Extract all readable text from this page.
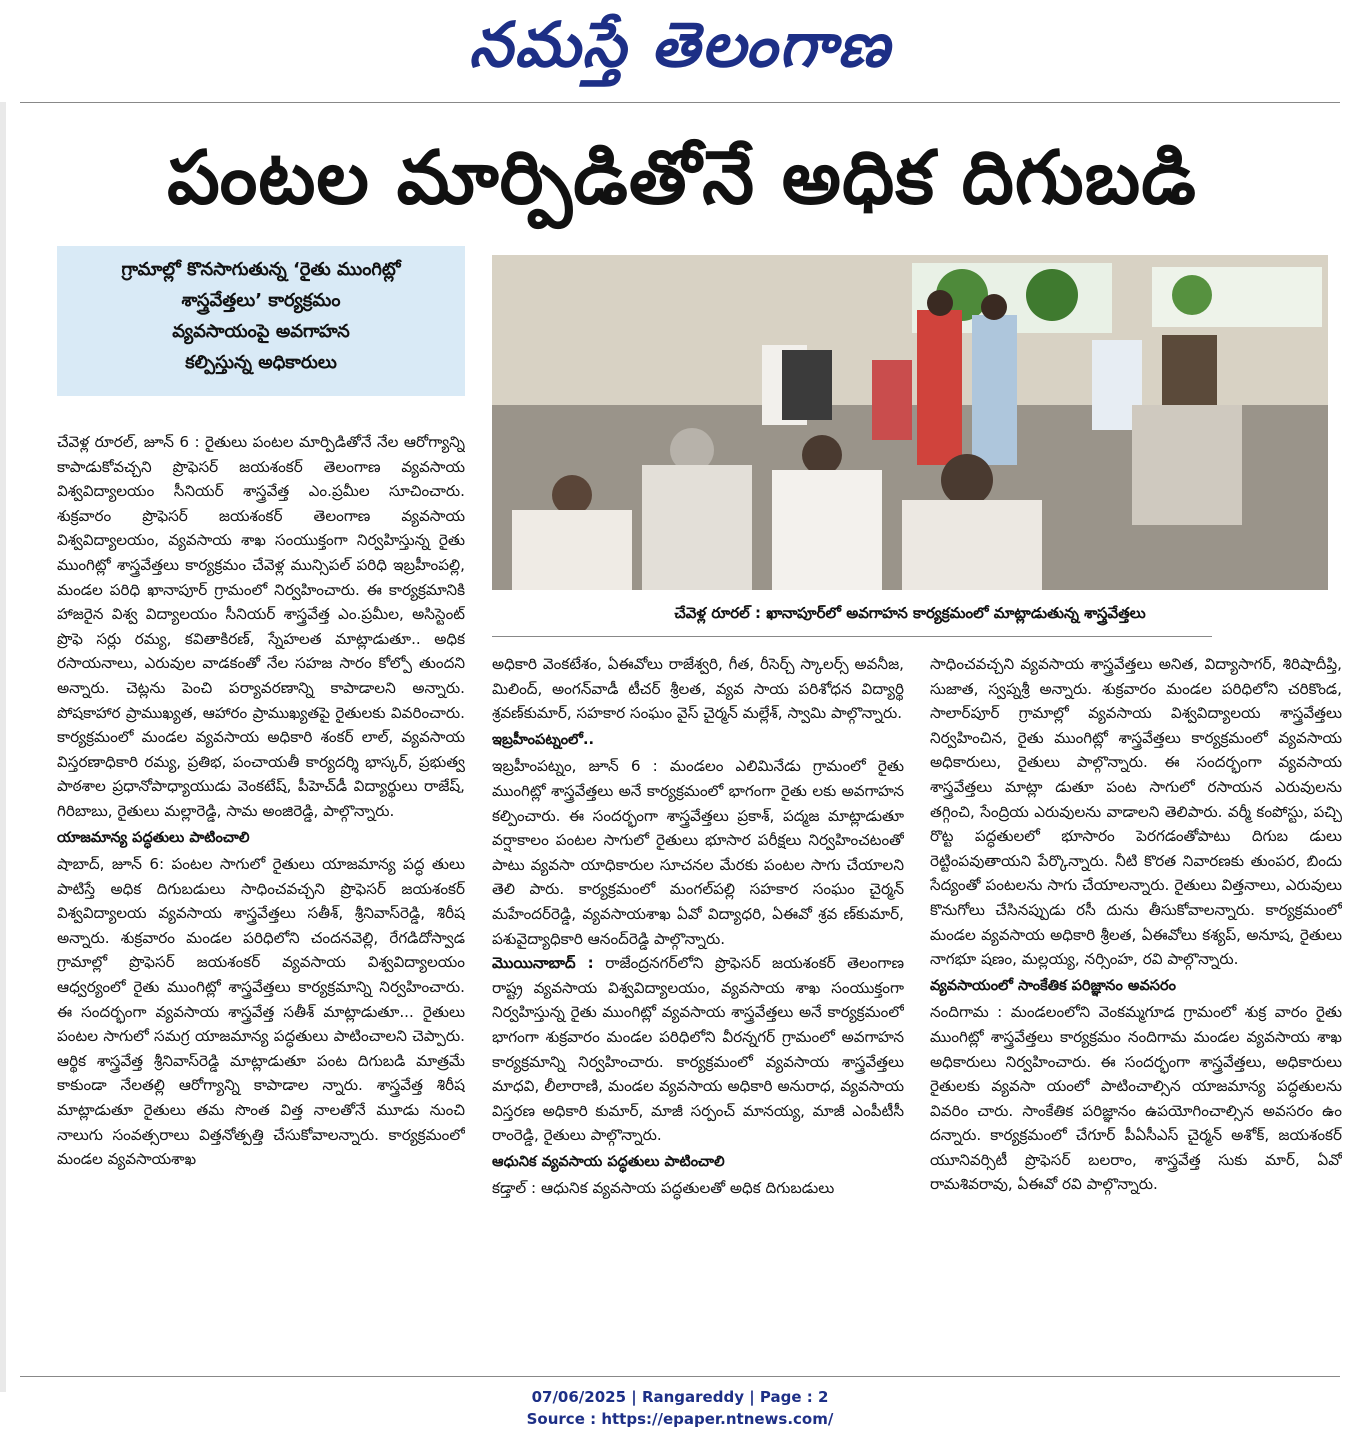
నమస్తే తెలంగాణ
పంటల మార్పిడితోనే అధిక దిగుబడి
గ్రామాల్లో కొనసాగుతున్న ‘రైతు ముంగిట్లో
శాస్త్రవేత్తలు’ కార్యక్రమం
వ్యవసాయంపై అవగాహన
కల్పిస్తున్న అధికారులు
చేవెళ్ల రూరల్ : ఖానాపూర్‌లో అవగాహన కార్యక్రమంలో మాట్లాడుతున్న శాస్త్రవేత్తలు

చేవెళ్ల రూరల్, జూన్ 6 : రైతులు పంటల మార్పిడితోనే నేల ఆరోగ్యాన్ని కాపాడుకోవచ్చని ప్రొఫెసర్ జయశంకర్ తెలంగాణ వ్యవసాయ విశ్వవిద్యాలయం సీనియర్ శాస్త్రవేత్త ఎం.ప్రమీల సూచించారు. శుక్రవారం ప్రొఫెసర్ జయశంకర్ తెలంగాణ వ్యవసాయ విశ్వవిద్యాలయం, వ్యవసాయ శాఖ సంయుక్తంగా నిర్వహిస్తున్న రైతు ముంగిట్లో శాస్త్రవేత్తలు కార్యక్రమం చేవెళ్ల మున్సిపల్ పరిధి ఇబ్రహీంపల్లి, మండల పరిధి ఖానాపూర్ గ్రామంలో నిర్వహించారు. ఈ కార్యక్రమానికి హాజరైన విశ్వ విద్యాలయం సీనియర్ శాస్త్రవేత్త ఎం.ప్రమీల, అసిస్టెంట్ ప్రొఫె సర్లు రమ్య, కవితాకిరణ్, స్నేహలత మాట్లాడుతూ.. అధిక రసాయనాలు, ఎరువుల వాడకంతో నేల సహజ సారం కోల్పో తుందని అన్నారు. చెట్లను పెంచి పర్యావరణాన్ని కాపాడాలని అన్నారు. పోషకాహార ప్రాముఖ్యత, ఆహారం ప్రాముఖ్యతపై రైతులకు వివరించారు. కార్యక్రమంలో మండల వ్యవసాయ అధికారి శంకర్ లాల్, వ్యవసాయ విస్తరణాధికారి రమ్య, ప్రతిభ, పంచాయతీ కార్యదర్శి భాస్కర్, ప్రభుత్వ పాఠశాల ప్రధానోపాధ్యాయుడు వెంకటేష్, పీహెచ్‌డీ విద్యార్థులు రాజేష్, గిరిబాబు, రైతులు మల్లారెడ్డి, సామ అంజిరెడ్డి, పాల్గొన్నారు.

యాజమాన్య పద్ధతులు పాటించాలి

షాబాద్, జూన్ 6: పంటల సాగులో రైతులు యాజమాన్య పద్ధ తులు పాటిస్తే అధిక దిగుబడులు సాధించవచ్చని ప్రొఫెసర్ జయశంకర్ విశ్వవిద్యాలయ వ్యవసాయ శాస్త్రవేత్తలు సతీశ్, శ్రీనివాస్‌రెడ్డి, శిరీష అన్నారు. శుక్రవారం మండల పరిధిలోని చందనవెల్లి, రేగడిదోస్వాడ గ్రామాల్లో ప్రొఫెసర్ జయశంకర్ వ్యవసాయ విశ్వవిద్యాలయం ఆధ్వర్యంలో రైతు ముంగిట్లో శాస్త్రవేత్తలు కార్యక్రమాన్ని నిర్వహించారు. ఈ సందర్భంగా వ్యవసాయ శాస్త్రవేత్త సతీశ్ మాట్లాడుతూ... రైతులు పంటల సాగులో సమగ్ర యాజమాన్య పద్ధతులు పాటించాలని చెప్పారు. ఆర్థిక శాస్త్రవేత్త శ్రీనివాస్‌రెడ్డి మాట్లాడుతూ పంట దిగుబడి మాత్రమే కాకుండా నేలతల్లి ఆరోగ్యాన్ని కాపాడాల న్నారు. శాస్త్రవేత్త శిరీష మాట్లాడుతూ రైతులు తమ సొంత విత్త నాలతోనే మూడు నుంచి నాలుగు సంవత్సరాలు విత్తనోత్పత్తి చేసుకోవాలన్నారు. కార్యక్రమంలో మండల వ్యవసాయశాఖ

అధికారి వెంకటేశం, ఏఈవోలు రాజేశ్వరి, గీత, రీసెర్చ్ స్కాలర్స్ అవనీజ, మిలింద్, అంగన్‌వాడీ టీచర్ శ్రీలత, వ్యవ సాయ పరిశోధన విద్యార్థి శ్రవణ్‌కుమార్, సహకార సంఘం వైస్ చైర్మన్ మల్లేశ్, స్వామి పాల్గొన్నారు.

ఇబ్రహీంపట్నంలో..

ఇబ్రహీంపట్నం, జూన్ 6 : మండలం ఎలిమినేడు గ్రామంలో రైతు ముంగిట్లో శాస్త్రవేత్తలు అనే కార్యక్రమంలో భాగంగా రైతు లకు అవగాహన కల్పించారు. ఈ సందర్భంగా శాస్త్రవేత్తలు ప్రకాశ్, పద్మజ మాట్లాడుతూ వర్షాకాలం పంటల సాగులో రైతులు భూసార పరీక్షలు నిర్వహించటంతో పాటు వ్యవసా యాధికారుల సూచనల మేరకు పంటల సాగు చేయాలని తెలి పారు. కార్యక్రమంలో మంగల్‌పల్లి సహకార సంఘం చైర్మన్ మహేందర్‌రెడ్డి, వ్యవసాయశాఖ ఏవో విద్యాధరి, ఏఈవో శ్రవ ణ్‌కుమార్, పశువైద్యాధికారి ఆనంద్‌రెడ్డి పాల్గొన్నారు.

మొయినాబాద్ : రాజేంద్రనగర్‌లోని ప్రొఫెసర్ జయశంకర్ తెలంగాణ రాష్ట్ర వ్యవసాయ విశ్వవిద్యాలయం, వ్యవసాయ శాఖ సంయుక్తంగా నిర్వహిస్తున్న రైతు ముంగిట్లో వ్యవసాయ శాస్త్రవేత్తలు అనే కార్యక్రమంలో భాగంగా శుక్రవారం మండల పరిధిలోని వీరన్నగర్ గ్రామంలో అవగాహన కార్యక్రమాన్ని నిర్వహించారు. కార్యక్రమంలో వ్యవసాయ శాస్త్రవేత్తలు మాధవి, లీలారాణి, మండల వ్యవసాయ అధికారి అనురాధ, వ్యవసాయ విస్తరణ అధికారి కుమార్, మాజీ సర్పంచ్ మానయ్య, మాజీ ఎంపీటీసీ రాంరెడ్డి, రైతులు పాల్గొన్నారు.

ఆధునిక వ్యవసాయ పద్ధతులు పాటించాలి

కడ్తాల్ : ఆధునిక వ్యవసాయ పద్ధతులతో అధిక దిగుబడులు

సాధించవచ్చని వ్యవసాయ శాస్త్రవేత్తలు అనిత, విద్యాసాగర్, శిరిషాదీప్తి, సుజాత, స్వప్నశ్రీ అన్నారు. శుక్రవారం మండల పరిధిలోని చరికొండ, సాలార్‌పూర్ గ్రామాల్లో వ్యవసాయ విశ్వవిద్యాలయ శాస్త్రవేత్తలు నిర్వహించిన, రైతు ముంగిట్లో శాస్త్రవేత్తలు కార్యక్రమంలో వ్యవసాయ అధికారులు, రైతులు పాల్గొన్నారు. ఈ సందర్భంగా వ్యవసాయ శాస్త్రవేత్తలు మాట్లా డుతూ పంట సాగులో రసాయన ఎరువులను తగ్గించి, సేంద్రియ ఎరువులను వాడాలని తెలిపారు. వర్మీ కంపోస్టు, పచ్చి రొట్ట పద్ధతులలో భూసారం పెరగడంతోపాటు దిగుబ డులు రెట్టింపవుతాయని పేర్కొన్నారు. నీటి కొరత నివారణకు తుంపర, బిందు సేద్యంతో పంటలను సాగు చేయాలన్నారు. రైతులు విత్తనాలు, ఎరువులు కొనుగోలు చేసినప్పుడు రసీ దును తీసుకోవాలన్నారు. కార్యక్రమంలో మండల వ్యవసాయ అధికారి శ్రీలత, ఏఈవోలు కశ్యప్, అనూష, రైతులు నాగభూ షణం, మల్లయ్య, నర్సింహ, రవి పాల్గొన్నారు.

వ్యవసాయంలో సాంకేతిక పరిజ్ఞానం అవసరం

నందిగామ : మండలంలోని వెంకమ్మగూడ గ్రామంలో శుక్ర వారం రైతు ముంగిట్లో శాస్త్రవేత్తలు కార్యక్రమం నందిగామ మండల వ్యవసాయ శాఖ అధికారులు నిర్వహించారు. ఈ సందర్భంగా శాస్త్రవేత్తలు, అధికారులు రైతులకు వ్యవసా యంలో పాటించాల్సిన యాజమాన్య పద్ధతులను వివరిం చారు. సాంకేతిక పరిజ్ఞానం ఉపయోగించాల్సిన అవసరం ఉం దన్నారు. కార్యక్రమంలో చేగూర్ పీఏసీఎస్ చైర్మన్ అశోక్, జయశంకర్ యూనివర్సిటీ ప్రొఫెసర్ బలరాం, శాస్త్రవేత్త సుకు మార్, ఏవో రామశివరావు, ఏఈవో రవి పాల్గొన్నారు.

07/06/2025 | Rangareddy | Page : 2
Source : https://epaper.ntnews.com/
